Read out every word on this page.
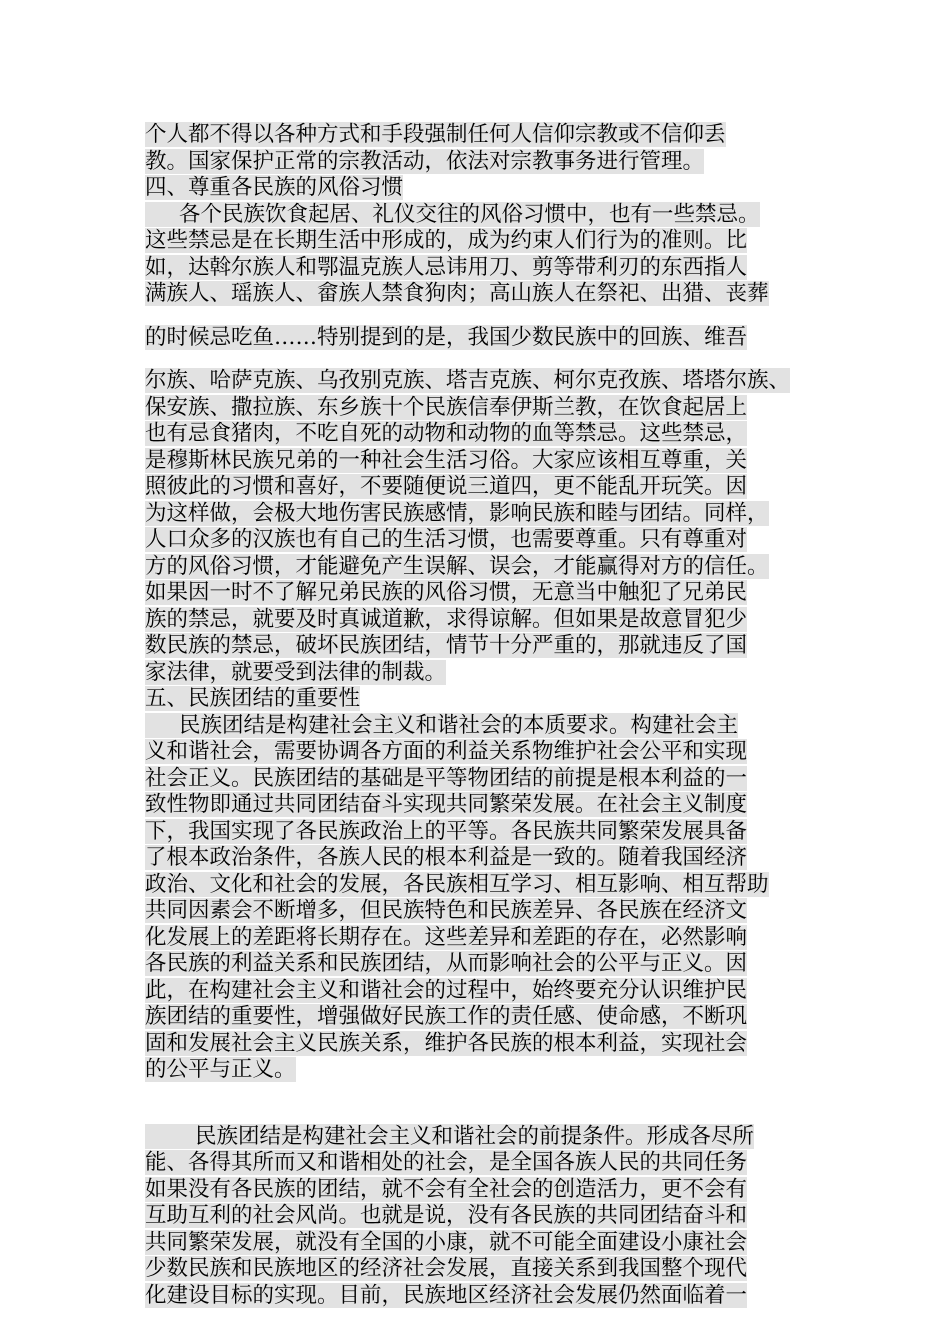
个人都不得以各种方式和手段强制任何人信仰宗教或不信仰丢
教。国家保护正常的宗教活动，依法对宗教事务进行管理。
四、尊重各民族的风俗习惯
各个民族饮食起居、礼仪交往的风俗习惯中，也有一些禁忌。
这些禁忌是在长期生活中形成的，成为约束人们行为的准则。比
如，达斡尔族人和鄂温克族人忌讳用刀、剪等带利刃的东西指人
满族人、瑶族人、畲族人禁食狗肉；高山族人在祭祀、出猎、丧葬
的时候忌吃鱼……特别提到的是，我国少数民族中的回族、维吾
尔族、哈萨克族、乌孜别克族、塔吉克族、柯尔克孜族、塔塔尔族、
保安族、撒拉族、东乡族十个民族信奉伊斯兰教，在饮食起居上
也有忌食猪肉，不吃自死的动物和动物的血等禁忌。这些禁忌，
是穆斯林民族兄弟的一种社会生活习俗。大家应该相互尊重，关
照彼此的习惯和喜好，不要随便说三道四，更不能乱开玩笑。因
为这样做，会极大地伤害民族感情，影响民族和睦与团结。同样，
人口众多的汉族也有自己的生活习惯，也需要尊重。只有尊重对
方的风俗习惯，才能避免产生误解、误会，才能赢得对方的信任。
如果因一时不了解兄弟民族的风俗习惯，无意当中触犯了兄弟民
族的禁忌，就要及时真诚道歉，求得谅解。但如果是故意冒犯少
数民族的禁忌，破坏民族团结，情节十分严重的，那就违反了国
家法律，就要受到法律的制裁。
五、民族团结的重要性
民族团结是构建社会主义和谐社会的本质要求。构建社会主
义和谐社会，需要协调各方面的利益关系物维护社会公平和实现
社会正义。民族团结的基础是平等物团结的前提是根本利益的一
致性物即通过共同团结奋斗实现共同繁荣发展。在社会主义制度
下，我国实现了各民族政治上的平等。各民族共同繁荣发展具备
了根本政治条件，各族人民的根本利益是一致的。随着我国经济
政治、文化和社会的发展，各民族相互学习、相互影响、相互帮助
共同因素会不断增多，但民族特色和民族差异、各民族在经济文
化发展上的差距将长期存在。这些差异和差距的存在，必然影响
各民族的利益关系和民族团结，从而影响社会的公平与正义。因
此，在构建社会主义和谐社会的过程中，始终要充分认识维护民
族团结的重要性，增强做好民族工作的责任感、使命感，不断巩
固和发展社会主义民族关系，维护各民族的根本利益，实现社会
的公平与正义。
民族团结是构建社会主义和谐社会的前提条件。形成各尽所
能、各得其所而又和谐相处的社会，是全国各族人民的共同任务
如果没有各民族的团结，就不会有全社会的创造活力，更不会有
互助互利的社会风尚。也就是说，没有各民族的共同团结奋斗和
共同繁荣发展，就没有全国的小康，就不可能全面建设小康社会
少数民族和民族地区的经济社会发展，直接关系到我国整个现代
化建设目标的实现。目前，民族地区经济社会发展仍然面临着一
